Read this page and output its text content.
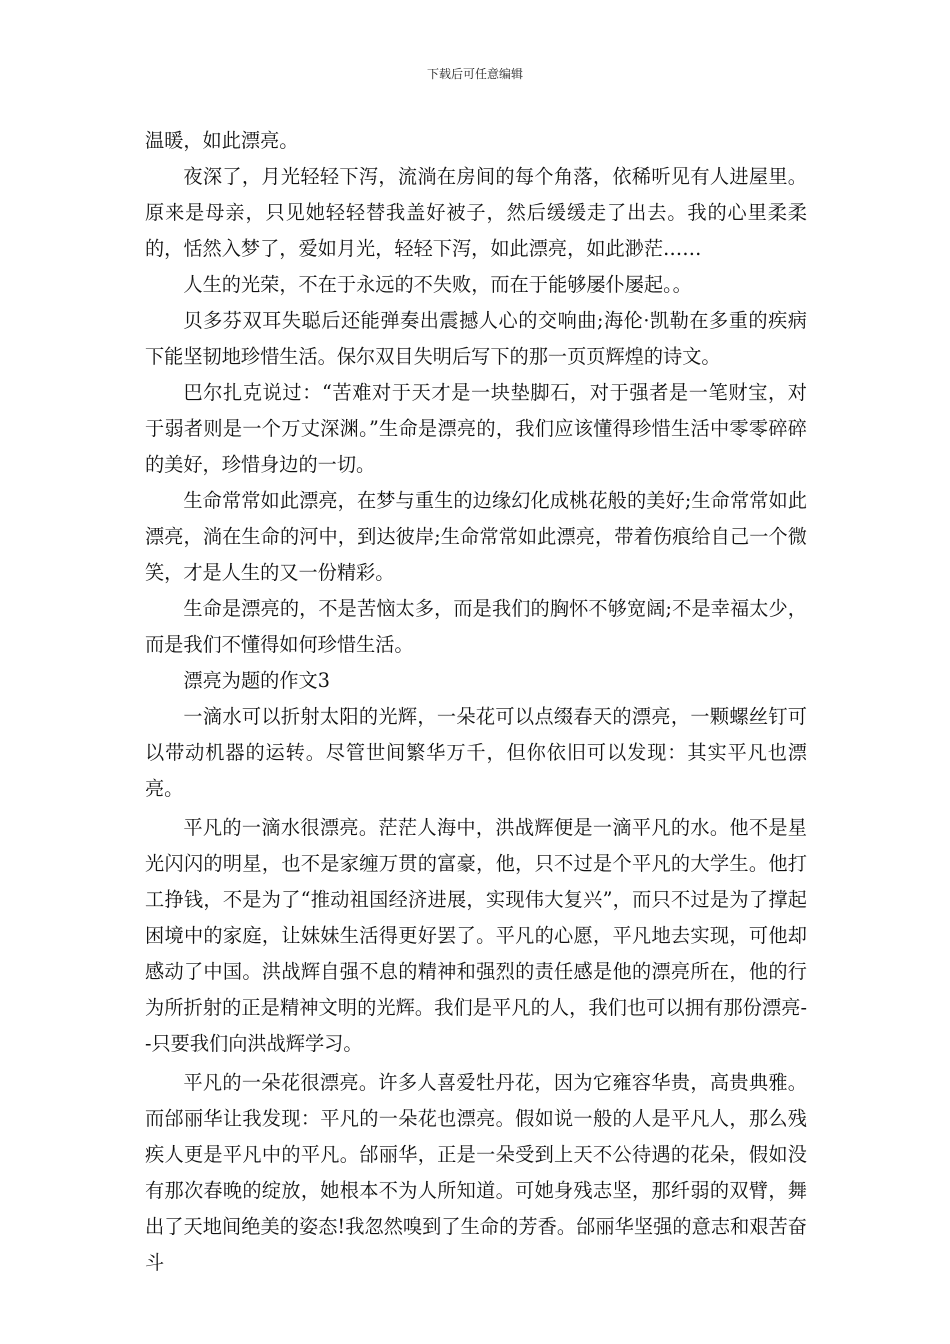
下载后可任意编辑

温暖，如此漂亮。

夜深了，月光轻轻下泻，流淌在房间的每个角落，依稀听见有人进屋里。原来是母亲，只见她轻轻替我盖好被子，然后缓缓走了出去。我的心里柔柔的，恬然入梦了，爱如月光，轻轻下泻，如此漂亮，如此渺茫……

人生的光荣，不在于永远的不失败，而在于能够屡仆屡起。。

贝多芬双耳失聪后还能弹奏出震撼人心的交响曲;海伦·凯勒在多重的疾病下能坚韧地珍惜生活。保尔双目失明后写下的那一页页辉煌的诗文。

巴尔扎克说过：“苦难对于天才是一块垫脚石，对于强者是一笔财宝，对于弱者则是一个万丈深渊。”生命是漂亮的，我们应该懂得珍惜生活中零零碎碎的美好，珍惜身边的一切。

生命常常如此漂亮，在梦与重生的边缘幻化成桃花般的美好;生命常常如此漂亮，淌在生命的河中，到达彼岸;生命常常如此漂亮，带着伤痕给自己一个微笑，才是人生的又一份精彩。

生命是漂亮的，不是苦恼太多，而是我们的胸怀不够宽阔;不是幸福太少，而是我们不懂得如何珍惜生活。

漂亮为题的作文3

一滴水可以折射太阳的光辉，一朵花可以点缀春天的漂亮，一颗螺丝钉可以带动机器的运转。尽管世间繁华万千，但你依旧可以发现：其实平凡也漂亮。

平凡的一滴水很漂亮。茫茫人海中，洪战辉便是一滴平凡的水。他不是星光闪闪的明星，也不是家缠万贯的富豪，他，只不过是个平凡的大学生。他打工挣钱，不是为了“推动祖国经济进展，实现伟大复兴”，而只不过是为了撑起困境中的家庭，让妹妹生活得更好罢了。平凡的心愿，平凡地去实现，可他却感动了中国。洪战辉自强不息的精神和强烈的责任感是他的漂亮所在，他的行为所折射的正是精神文明的光辉。我们是平凡的人，我们也可以拥有那份漂亮--只要我们向洪战辉学习。

平凡的一朵花很漂亮。许多人喜爱牡丹花，因为它雍容华贵，高贵典雅。而邰丽华让我发现：平凡的一朵花也漂亮。假如说一般的人是平凡人，那么残疾人更是平凡中的平凡。邰丽华，正是一朵受到上天不公待遇的花朵，假如没有那次春晚的绽放，她根本不为人所知道。可她身残志坚，那纤弱的双臂，舞出了天地间绝美的姿态!我忽然嗅到了生命的芳香。邰丽华坚强的意志和艰苦奋斗
